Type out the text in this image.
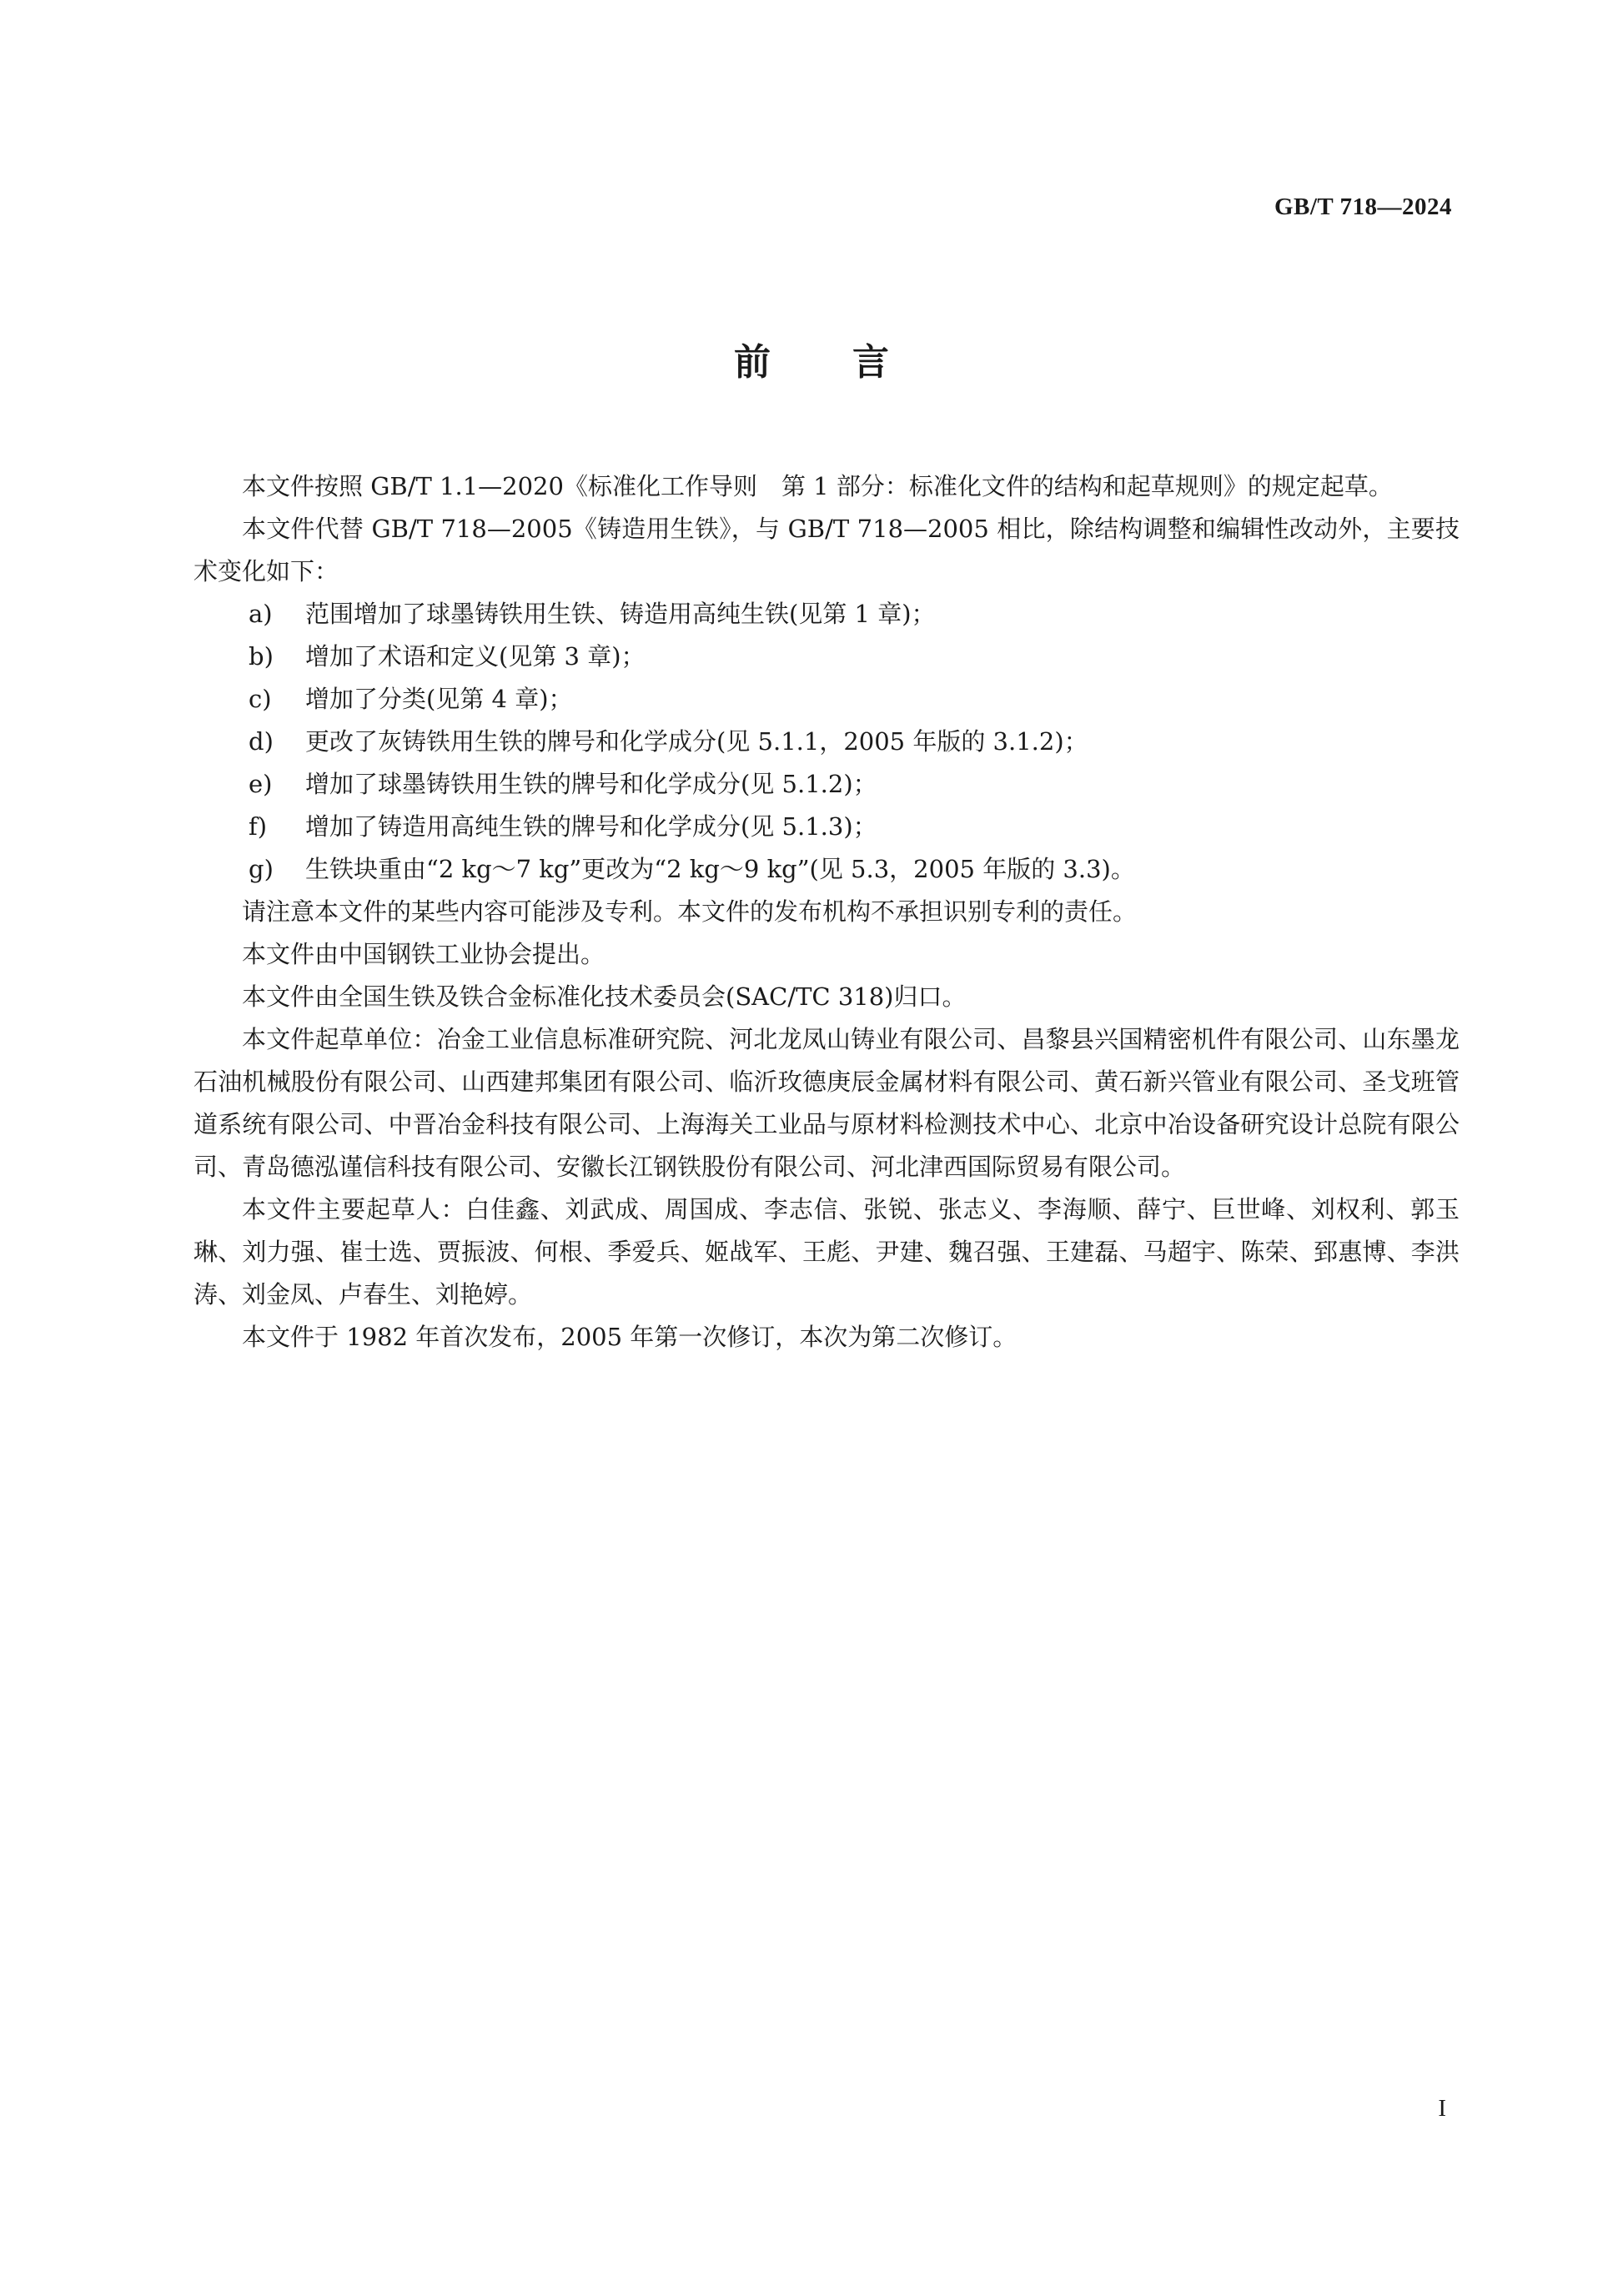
GB/T 718—2024
前言

本文件按照 GB/T 1.1—2020《标准化工作导则　第 1 部分：标准化文件的结构和起草规则》的规定起草。

本文件代替 GB/T 718—2005《铸造用生铁》，与 GB/T 718—2005 相比，除结构调整和编辑性改动外，主要技术变化如下：

a) 范围增加了球墨铸铁用生铁、铸造用高纯生铁(见第 1 章)；

b) 增加了术语和定义(见第 3 章)；

c) 增加了分类(见第 4 章)；

d) 更改了灰铸铁用生铁的牌号和化学成分(见 5.1.1，2005 年版的 3.1.2)；

e) 增加了球墨铸铁用生铁的牌号和化学成分(见 5.1.2)；

f) 增加了铸造用高纯生铁的牌号和化学成分(见 5.1.3)；

g) 生铁块重由“2 kg～7 kg”更改为“2 kg～9 kg”(见 5.3，2005 年版的 3.3)。

请注意本文件的某些内容可能涉及专利。本文件的发布机构不承担识别专利的责任。

本文件由中国钢铁工业协会提出。

本文件由全国生铁及铁合金标准化技术委员会(SAC/TC 318)归口。

本文件起草单位：冶金工业信息标准研究院、河北龙凤山铸业有限公司、昌黎县兴国精密机件有限公司、山东墨龙石油机械股份有限公司、山西建邦集团有限公司、临沂玫德庚辰金属材料有限公司、黄石新兴管业有限公司、圣戈班管道系统有限公司、中晋冶金科技有限公司、上海海关工业品与原材料检测技术中心、北京中冶设备研究设计总院有限公司、青岛德泓谨信科技有限公司、安徽长江钢铁股份有限公司、河北津西国际贸易有限公司。

本文件主要起草人：白佳鑫、刘武成、周国成、李志信、张锐、张志义、李海顺、薛宁、巨世峰、刘权利、郭玉琳、刘力强、崔士选、贾振波、何根、季爱兵、姬战军、王彪、尹建、魏召强、王建磊、马超宇、陈荣、郅惠博、李洪涛、刘金凤、卢春生、刘艳婷。

本文件于 1982 年首次发布，2005 年第一次修订，本次为第二次修订。

I
